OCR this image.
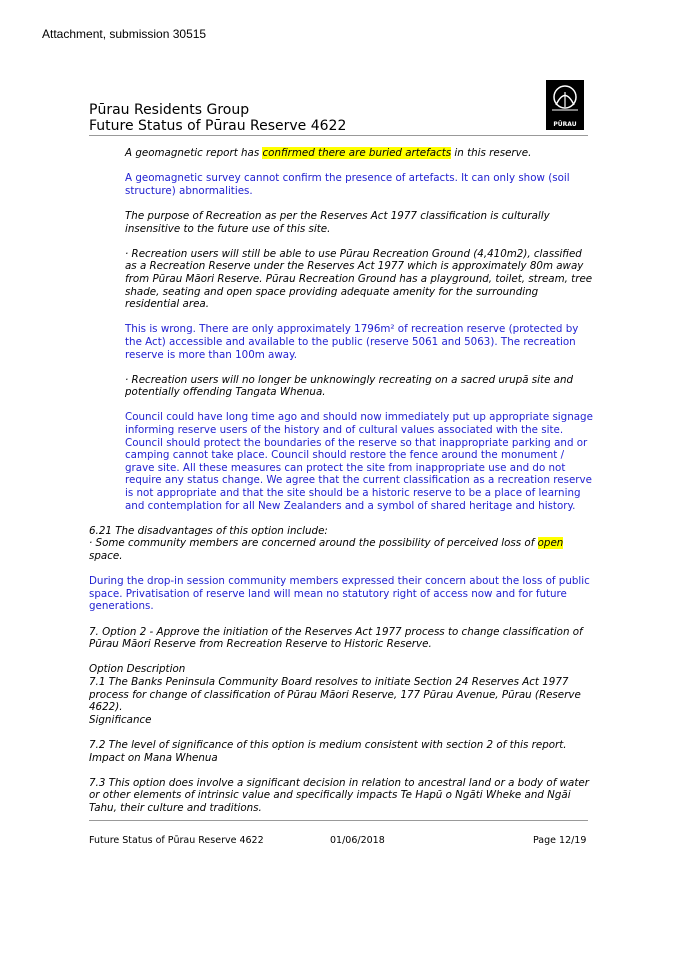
Attachment, submission 30515
Pūrau Residents Group
Future Status of Pūrau Reserve 4622	PŪRAU

A geomagnetic report has confirmed there are buried artefacts in this reserve.

A geomagnetic survey cannot confirm the presence of artefacts. It can only show (soil structure) abnormalities.

The purpose of Recreation as per the Reserves Act 1977 classification is culturally insensitive to the future use of this site.

· Recreation users will still be able to use Pūrau Recreation Ground (4,410m2), classified as a Recreation Reserve under the Reserves Act 1977 which is approximately 80m away from Pūrau Māori Reserve. Pūrau Recreation Ground has a playground, toilet, stream, tree shade, seating and open space providing adequate amenity for the surrounding residential area.

This is wrong. There are only approximately 1796m² of recreation reserve (protected by the Act) accessible and available to the public (reserve 5061 and 5063). The recreation reserve is more than 100m away.

· Recreation users will no longer be unknowingly recreating on a sacred urupā site and potentially offending Tangata Whenua.

Council could have long time ago and should now immediately put up appropriate signage informing reserve users of the history and of cultural values associated with the site. Council should protect the boundaries of the reserve so that inappropriate parking and or camping cannot take place. Council should restore the fence around the monument / grave site. All these measures can protect the site from inappropriate use and do not require any status change. We agree that the current classification as a recreation reserve is not appropriate and that the site should be a historic reserve to be a place of learning and contemplation for all New Zealanders and a symbol of shared heritage and history.

6.21 The disadvantages of this option include:
· Some community members are concerned around the possibility of perceived loss of open space.

During the drop-in session community members expressed their concern about the loss of public space. Privatisation of reserve land will mean no statutory right of access now and for future generations.

7. Option 2 - Approve the initiation of the Reserves Act 1977 process to change classification of Pūrau Māori Reserve from Recreation Reserve to Historic Reserve.

Option Description
7.1 The Banks Peninsula Community Board resolves to initiate Section 24 Reserves Act 1977 process for change of classification of Pūrau Māori Reserve, 177 Pūrau Avenue, Pūrau (Reserve 4622).
Significance

7.2 The level of significance of this option is medium consistent with section 2 of this report.
Impact on Mana Whenua

7.3 This option does involve a significant decision in relation to ancestral land or a body of water or other elements of intrinsic value and specifically impacts Te Hapū o Ngāti Wheke and Ngāi Tahu, their culture and traditions.

Future Status of Pūrau Reserve 4622	01/06/2018	Page 12/19
